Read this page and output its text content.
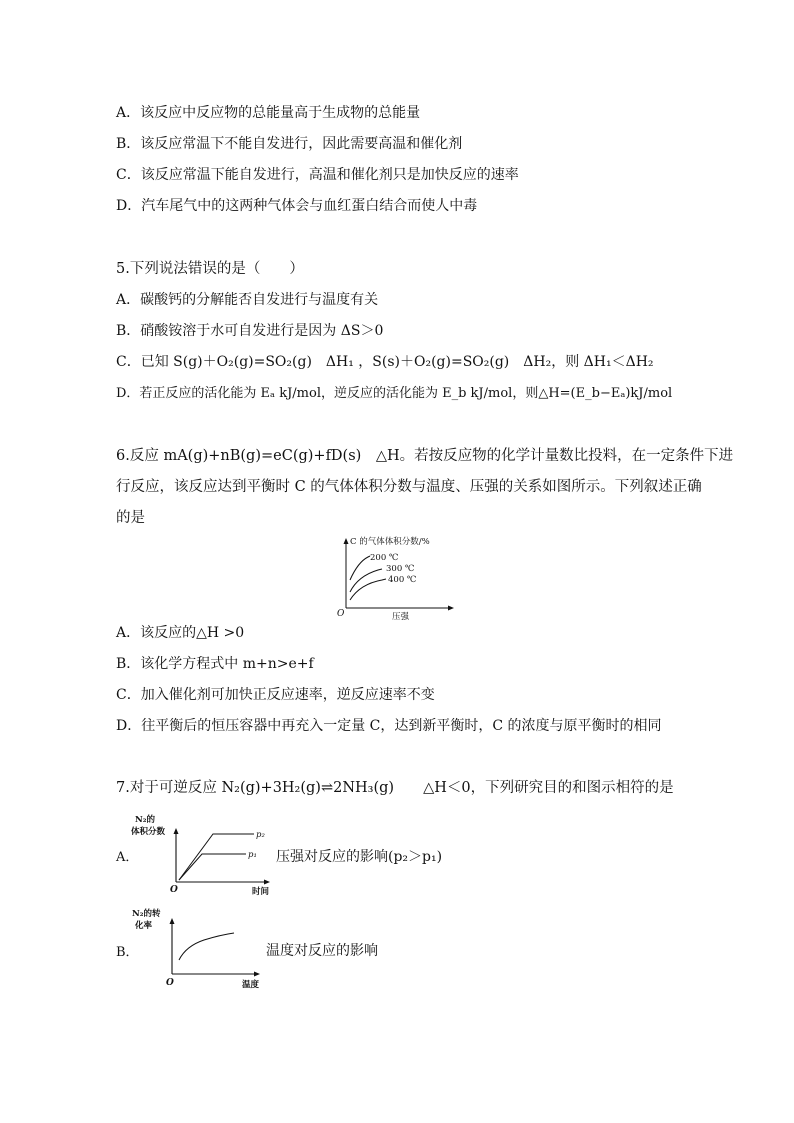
A．该反应中反应物的总能量高于生成物的总能量
B．该反应常温下不能自发进行，因此需要高温和催化剂
C．该反应常温下能自发进行，高温和催化剂只是加快反应的速率
D．汽车尾气中的这两种气体会与血红蛋白结合而使人中毒
5.下列说法错误的是（　　）
A．碳酸钙的分解能否自发进行与温度有关
B．硝酸铵溶于水可自发进行是因为 ΔS＞0
C．已知 S(g)＋O₂(g)=SO₂(g)　ΔH₁ ，S(s)＋O₂(g)=SO₂(g)　ΔH₂，则 ΔH₁＜ΔH₂
D．若正反应的活化能为 Eₐ kJ/mol，逆反应的活化能为 E_b kJ/mol，则△H=(E_b−Eₐ)kJ/mol
6.反应 mA(g)+nB(g)=eC(g)+fD(s)　△H。若按反应物的化学计量数比投料，在一定条件下进
行反应，该反应达到平衡时 C 的气体体积分数与温度、压强的关系如图所示。下列叙述正确
的是
C 的气体体积分数/%
O	压强
200 ℃
300 ℃
400 ℃
A．该反应的△H >0
B．该化学方程式中 m+n>e+f
C．加入催化剂可加快正反应速率，逆反应速率不变
D．往平衡后的恒压容器中再充入一定量 C，达到新平衡时，C 的浓度与原平衡时的相同
7.对于可逆反应 N₂(g)+3H₂(g)⇌2NH₃(g)　　△H＜0，下列研究目的和图示相符的是
A．
N₂的
体积分数
O	时间
p₂
p₁ 压强对反应的影响(p₂＞p₁)
B．
N₂的转
化率
O	温度
温度对反应的影响
